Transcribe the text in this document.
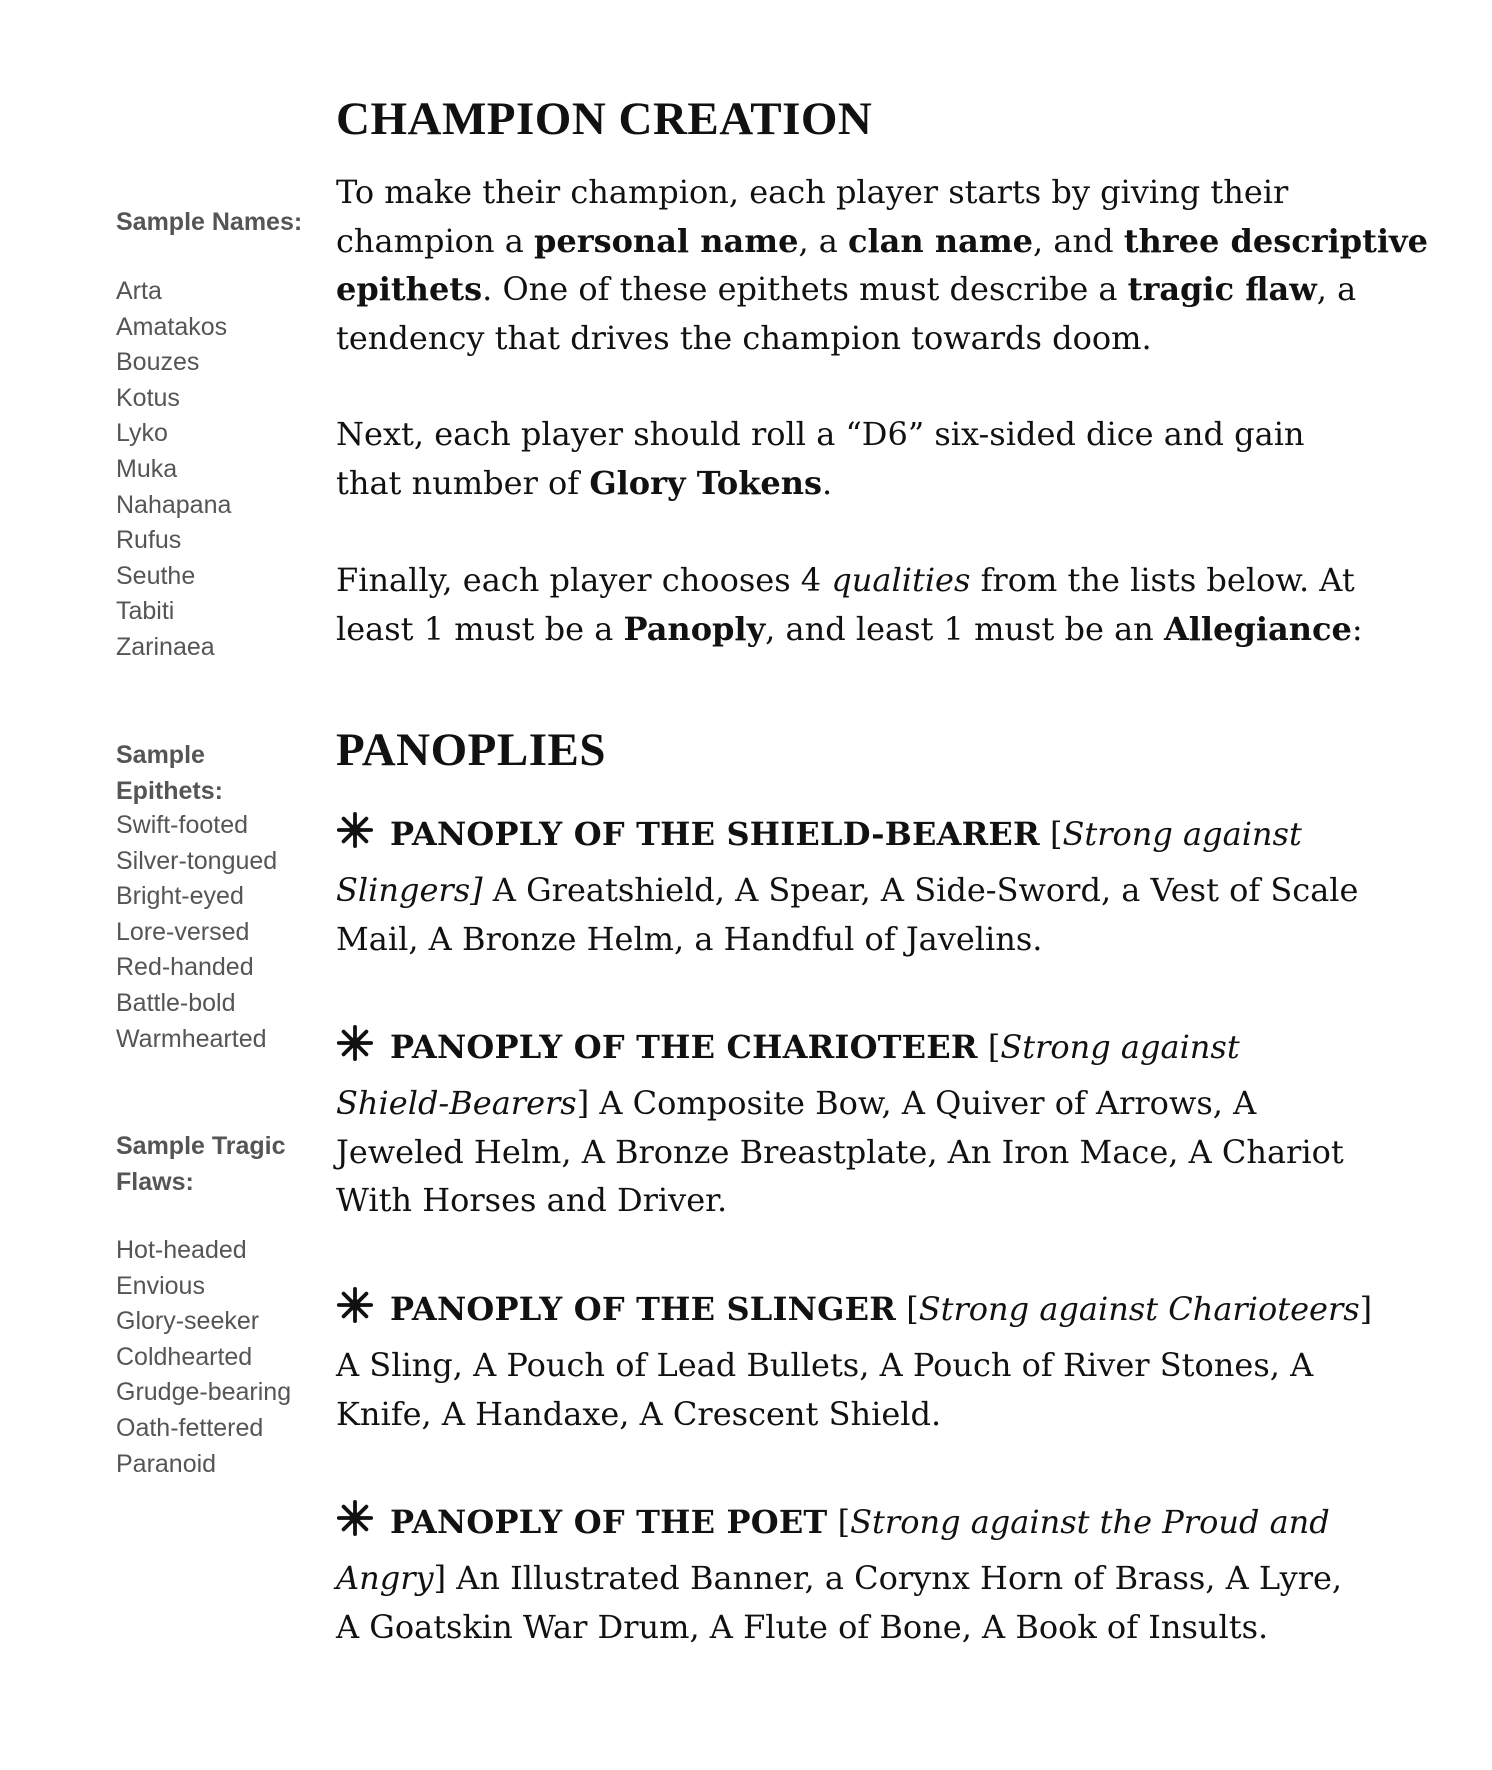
Sample Names:
Arta
Amatakos
Bouzes
Kotus
Lyko
Muka
Nahapana
Rufus
Seuthe
Tabiti
Zarinaea
Sample Epithets:
Swift-footed
Silver-tongued
Bright-eyed
Lore-versed
Red-handed
Battle-bold
Warmhearted
Sample Tragic
Flaws:
Hot-headed
Envious
Glory-seeker
Coldhearted
Grudge-bearing
Oath-fettered
Paranoid
CHAMPION CREATION
To make their champion, each player starts by giving their
champion a personal name, a clan name, and three descriptive
epithets. One of these epithets must describe a tragic flaw, a
tendency that drives the champion towards doom.
Next, each player should roll a “D6” six-sided dice and gain
that number of Glory Tokens.
Finally, each player chooses 4 qualities from the lists below. At
least 1 must be a Panoply, and least 1 must be an Allegiance:
PANOPLIES
PANOPLY OF THE SHIELD-BEARER [Strong against
Slingers] A Greatshield, A Spear, A Side-Sword, a Vest of Scale
Mail, A Bronze Helm, a Handful of Javelins.
PANOPLY OF THE CHARIOTEER [Strong against
Shield-Bearers] A Composite Bow, A Quiver of Arrows, A
Jeweled Helm, A Bronze Breastplate, An Iron Mace, A Chariot
With Horses and Driver.
PANOPLY OF THE SLINGER [Strong against Charioteers]
A Sling, A Pouch of Lead Bullets, A Pouch of River Stones, A
Knife, A Handaxe, A Crescent Shield.
PANOPLY OF THE POET [Strong against the Proud and
Angry] An Illustrated Banner, a Corynx Horn of Brass, A Lyre,
A Goatskin War Drum, A Flute of Bone, A Book of Insults.
